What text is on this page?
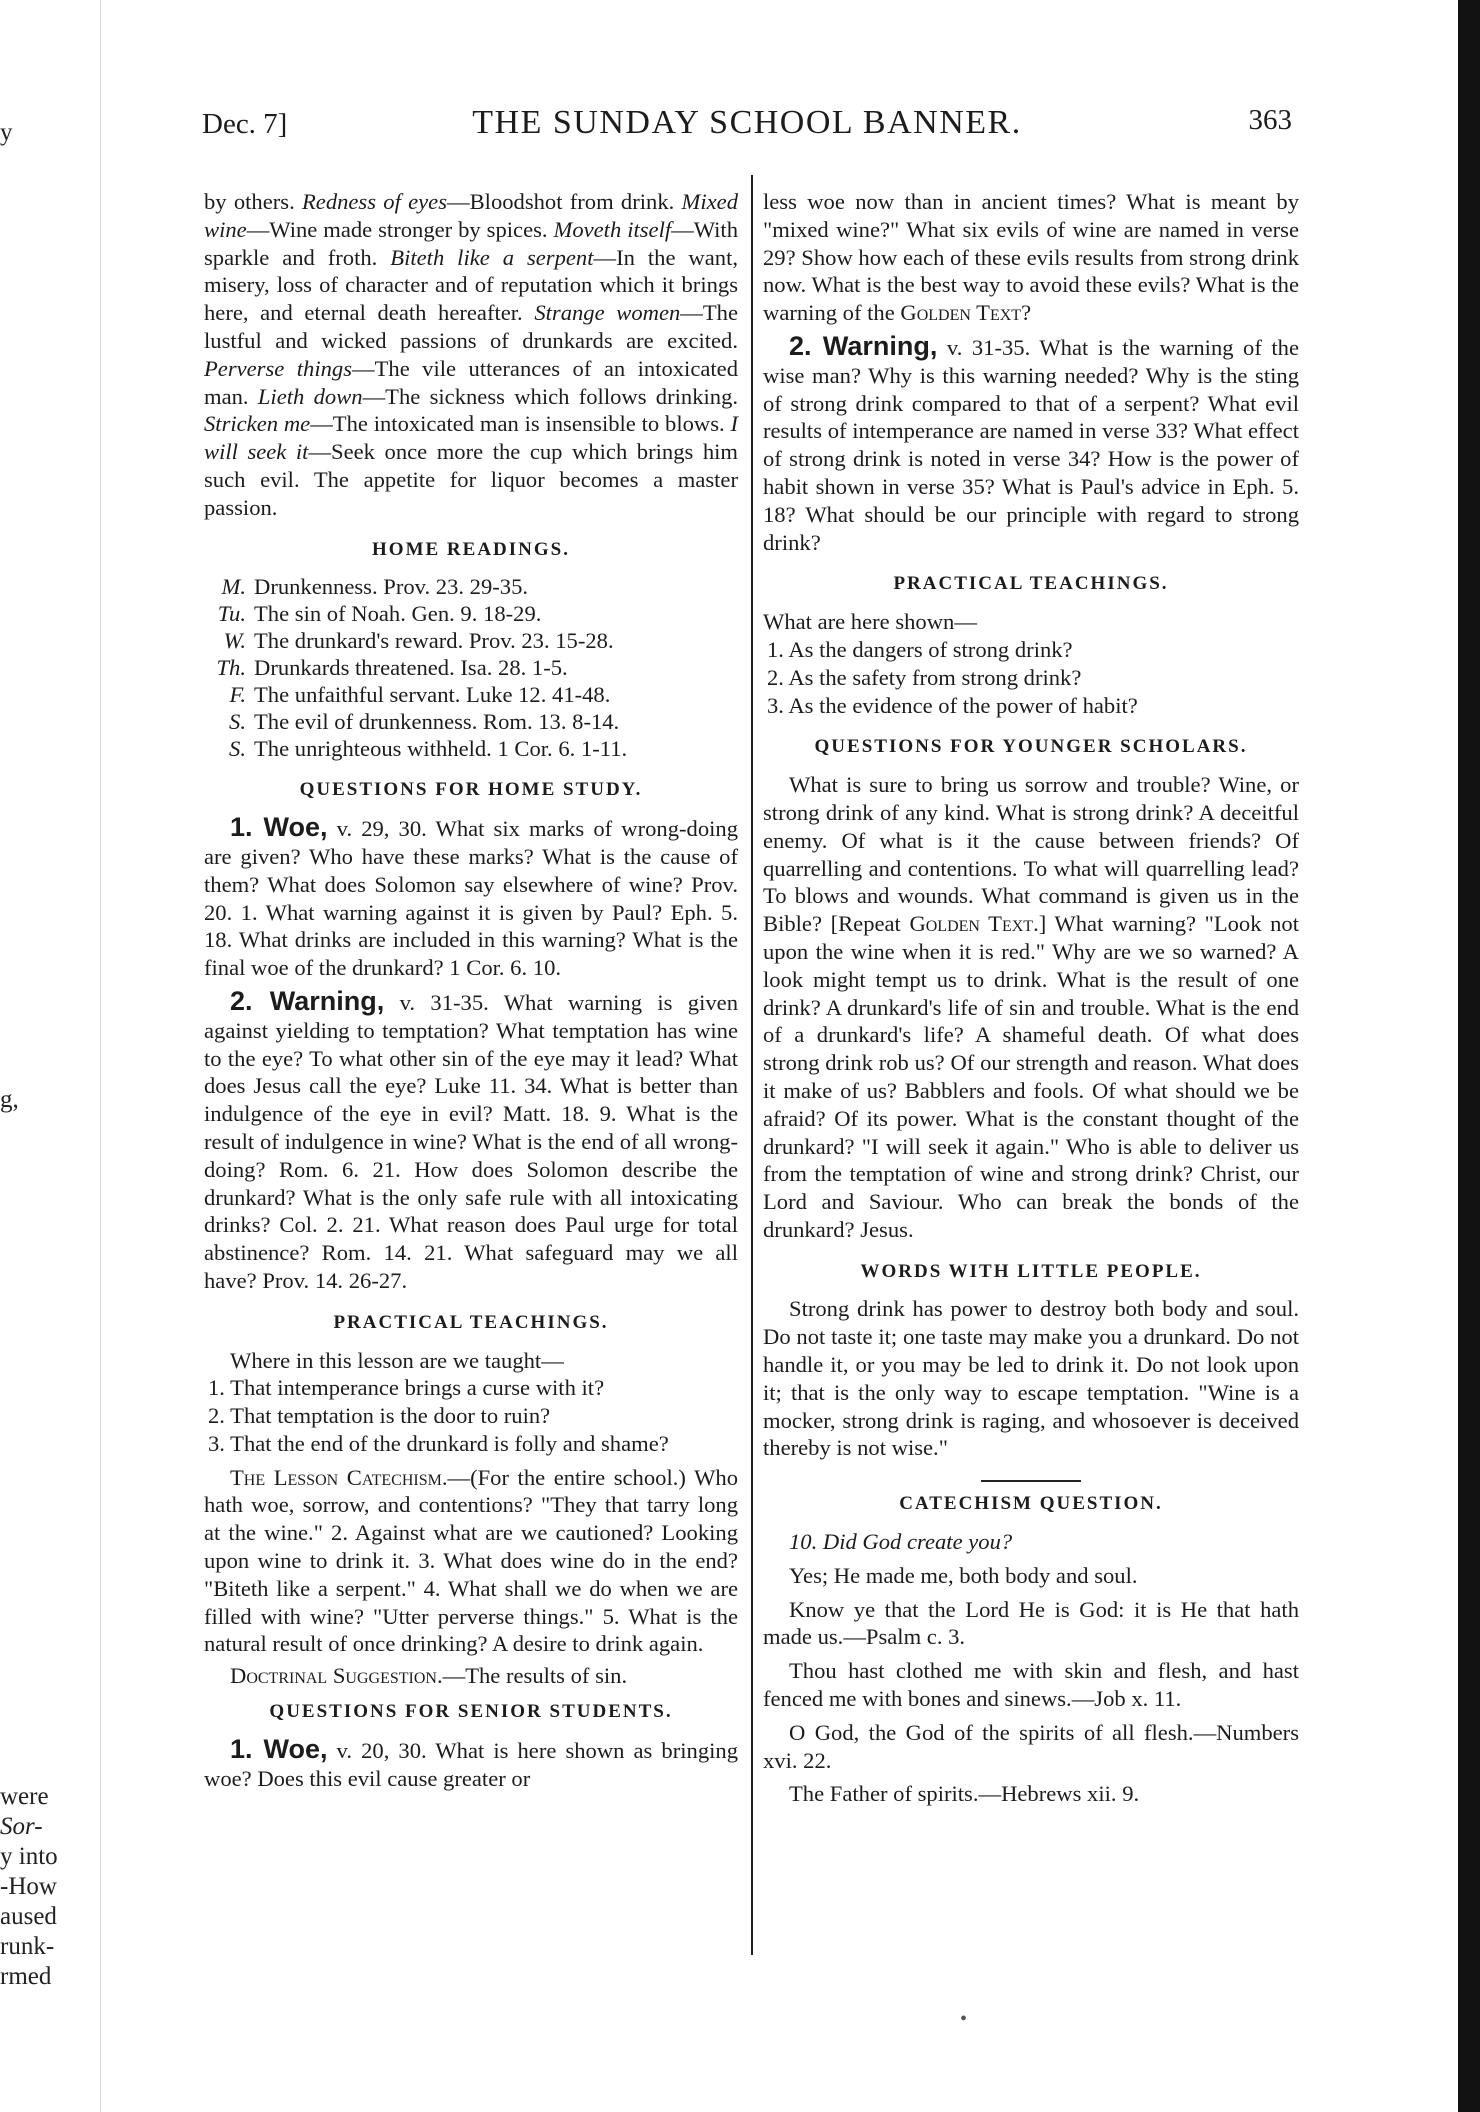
y
g,
were
Sor-
y into
-How
aused
runk-
rmed
Dec. 7]	THE SUNDAY SCHOOL BANNER.	363

by others. Redness of eyes—Bloodshot from drink. Mixed wine—Wine made stronger by spices. Moveth itself—With sparkle and froth. Biteth like a serpent—In the want, misery, loss of character and of reputation which it brings here, and eternal death hereafter. Strange women—The lustful and wicked passions of drunkards are excited. Perverse things—The vile utterances of an intoxicated man. Lieth down—The sickness which follows drinking. Stricken me—The intoxicated man is insensible to blows. I will seek it—Seek once more the cup which brings him such evil. The appetite for liquor becomes a master passion.

HOME READINGS.
M. Drunkenness. Prov. 23. 29-35.
Tu. The sin of Noah. Gen. 9. 18-29.
W. The drunkard's reward. Prov. 23. 15-28.
Th. Drunkards threatened. Isa. 28. 1-5.
F. The unfaithful servant. Luke 12. 41-48.
S. The evil of drunkenness. Rom. 13. 8-14.
S. The unrighteous withheld. 1 Cor. 6. 1-11.
QUESTIONS FOR HOME STUDY.

1. Woe, v. 29, 30. What six marks of wrong-doing are given? Who have these marks? What is the cause of them? What does Solomon say elsewhere of wine? Prov. 20. 1. What warning against it is given by Paul? Eph. 5. 18. What drinks are included in this warning? What is the final woe of the drunkard? 1 Cor. 6. 10.

2. Warning, v. 31-35. What warning is given against yielding to temptation? What temptation has wine to the eye? To what other sin of the eye may it lead? What does Jesus call the eye? Luke 11. 34. What is better than indulgence of the eye in evil? Matt. 18. 9. What is the result of indulgence in wine? What is the end of all wrong-doing? Rom. 6. 21. How does Solomon describe the drunkard? What is the only safe rule with all intoxicating drinks? Col. 2. 21. What reason does Paul urge for total abstinence? Rom. 14. 21. What safeguard may we all have? Prov. 14. 26-27.

PRACTICAL TEACHINGS.

Where in this lesson are we taught—

1. That intemperance brings a curse with it?

2. That temptation is the door to ruin?

3. That the end of the drunkard is folly and shame?

The Lesson Catechism.—(For the entire school.) Who hath woe, sorrow, and contentions? "They that tarry long at the wine." 2. Against what are we cautioned? Looking upon wine to drink it. 3. What does wine do in the end? "Biteth like a serpent." 4. What shall we do when we are filled with wine? "Utter perverse things." 5. What is the natural result of once drinking? A desire to drink again.

Doctrinal Suggestion.—The results of sin.

QUESTIONS FOR SENIOR STUDENTS.

1. Woe, v. 20, 30. What is here shown as bringing woe? Does this evil cause greater or

less woe now than in ancient times? What is meant by "mixed wine?" What six evils of wine are named in verse 29? Show how each of these evils results from strong drink now. What is the best way to avoid these evils? What is the warning of the Golden Text?

2. Warning, v. 31-35. What is the warning of the wise man? Why is this warning needed? Why is the sting of strong drink compared to that of a serpent? What evil results of intemperance are named in verse 33? What effect of strong drink is noted in verse 34? How is the power of habit shown in verse 35? What is Paul's advice in Eph. 5. 18? What should be our principle with regard to strong drink?

PRACTICAL TEACHINGS.

What are here shown—

1. As the dangers of strong drink?

2. As the safety from strong drink?

3. As the evidence of the power of habit?

QUESTIONS FOR YOUNGER SCHOLARS.

What is sure to bring us sorrow and trouble? Wine, or strong drink of any kind. What is strong drink? A deceitful enemy. Of what is it the cause between friends? Of quarrelling and contentions. To what will quarrelling lead? To blows and wounds. What command is given us in the Bible? [Repeat Golden Text.] What warning? "Look not upon the wine when it is red." Why are we so warned? A look might tempt us to drink. What is the result of one drink? A drunkard's life of sin and trouble. What is the end of a drunkard's life? A shameful death. Of what does strong drink rob us? Of our strength and reason. What does it make of us? Babblers and fools. Of what should we be afraid? Of its power. What is the constant thought of the drunkard? "I will seek it again." Who is able to deliver us from the temptation of wine and strong drink? Christ, our Lord and Saviour. Who can break the bonds of the drunkard? Jesus.

WORDS WITH LITTLE PEOPLE.

Strong drink has power to destroy both body and soul. Do not taste it; one taste may make you a drunkard. Do not handle it, or you may be led to drink it. Do not look upon it; that is the only way to escape temptation. "Wine is a mocker, strong drink is raging, and whosoever is deceived thereby is not wise."

CATECHISM QUESTION.

10. Did God create you?

Yes; He made me, both body and soul.

Know ye that the Lord He is God: it is He that hath made us.—Psalm c. 3.

Thou hast clothed me with skin and flesh, and hast fenced me with bones and sinews.—Job x. 11.

O God, the God of the spirits of all flesh.—Numbers xvi. 22.

The Father of spirits.—Hebrews xii. 9.

•
